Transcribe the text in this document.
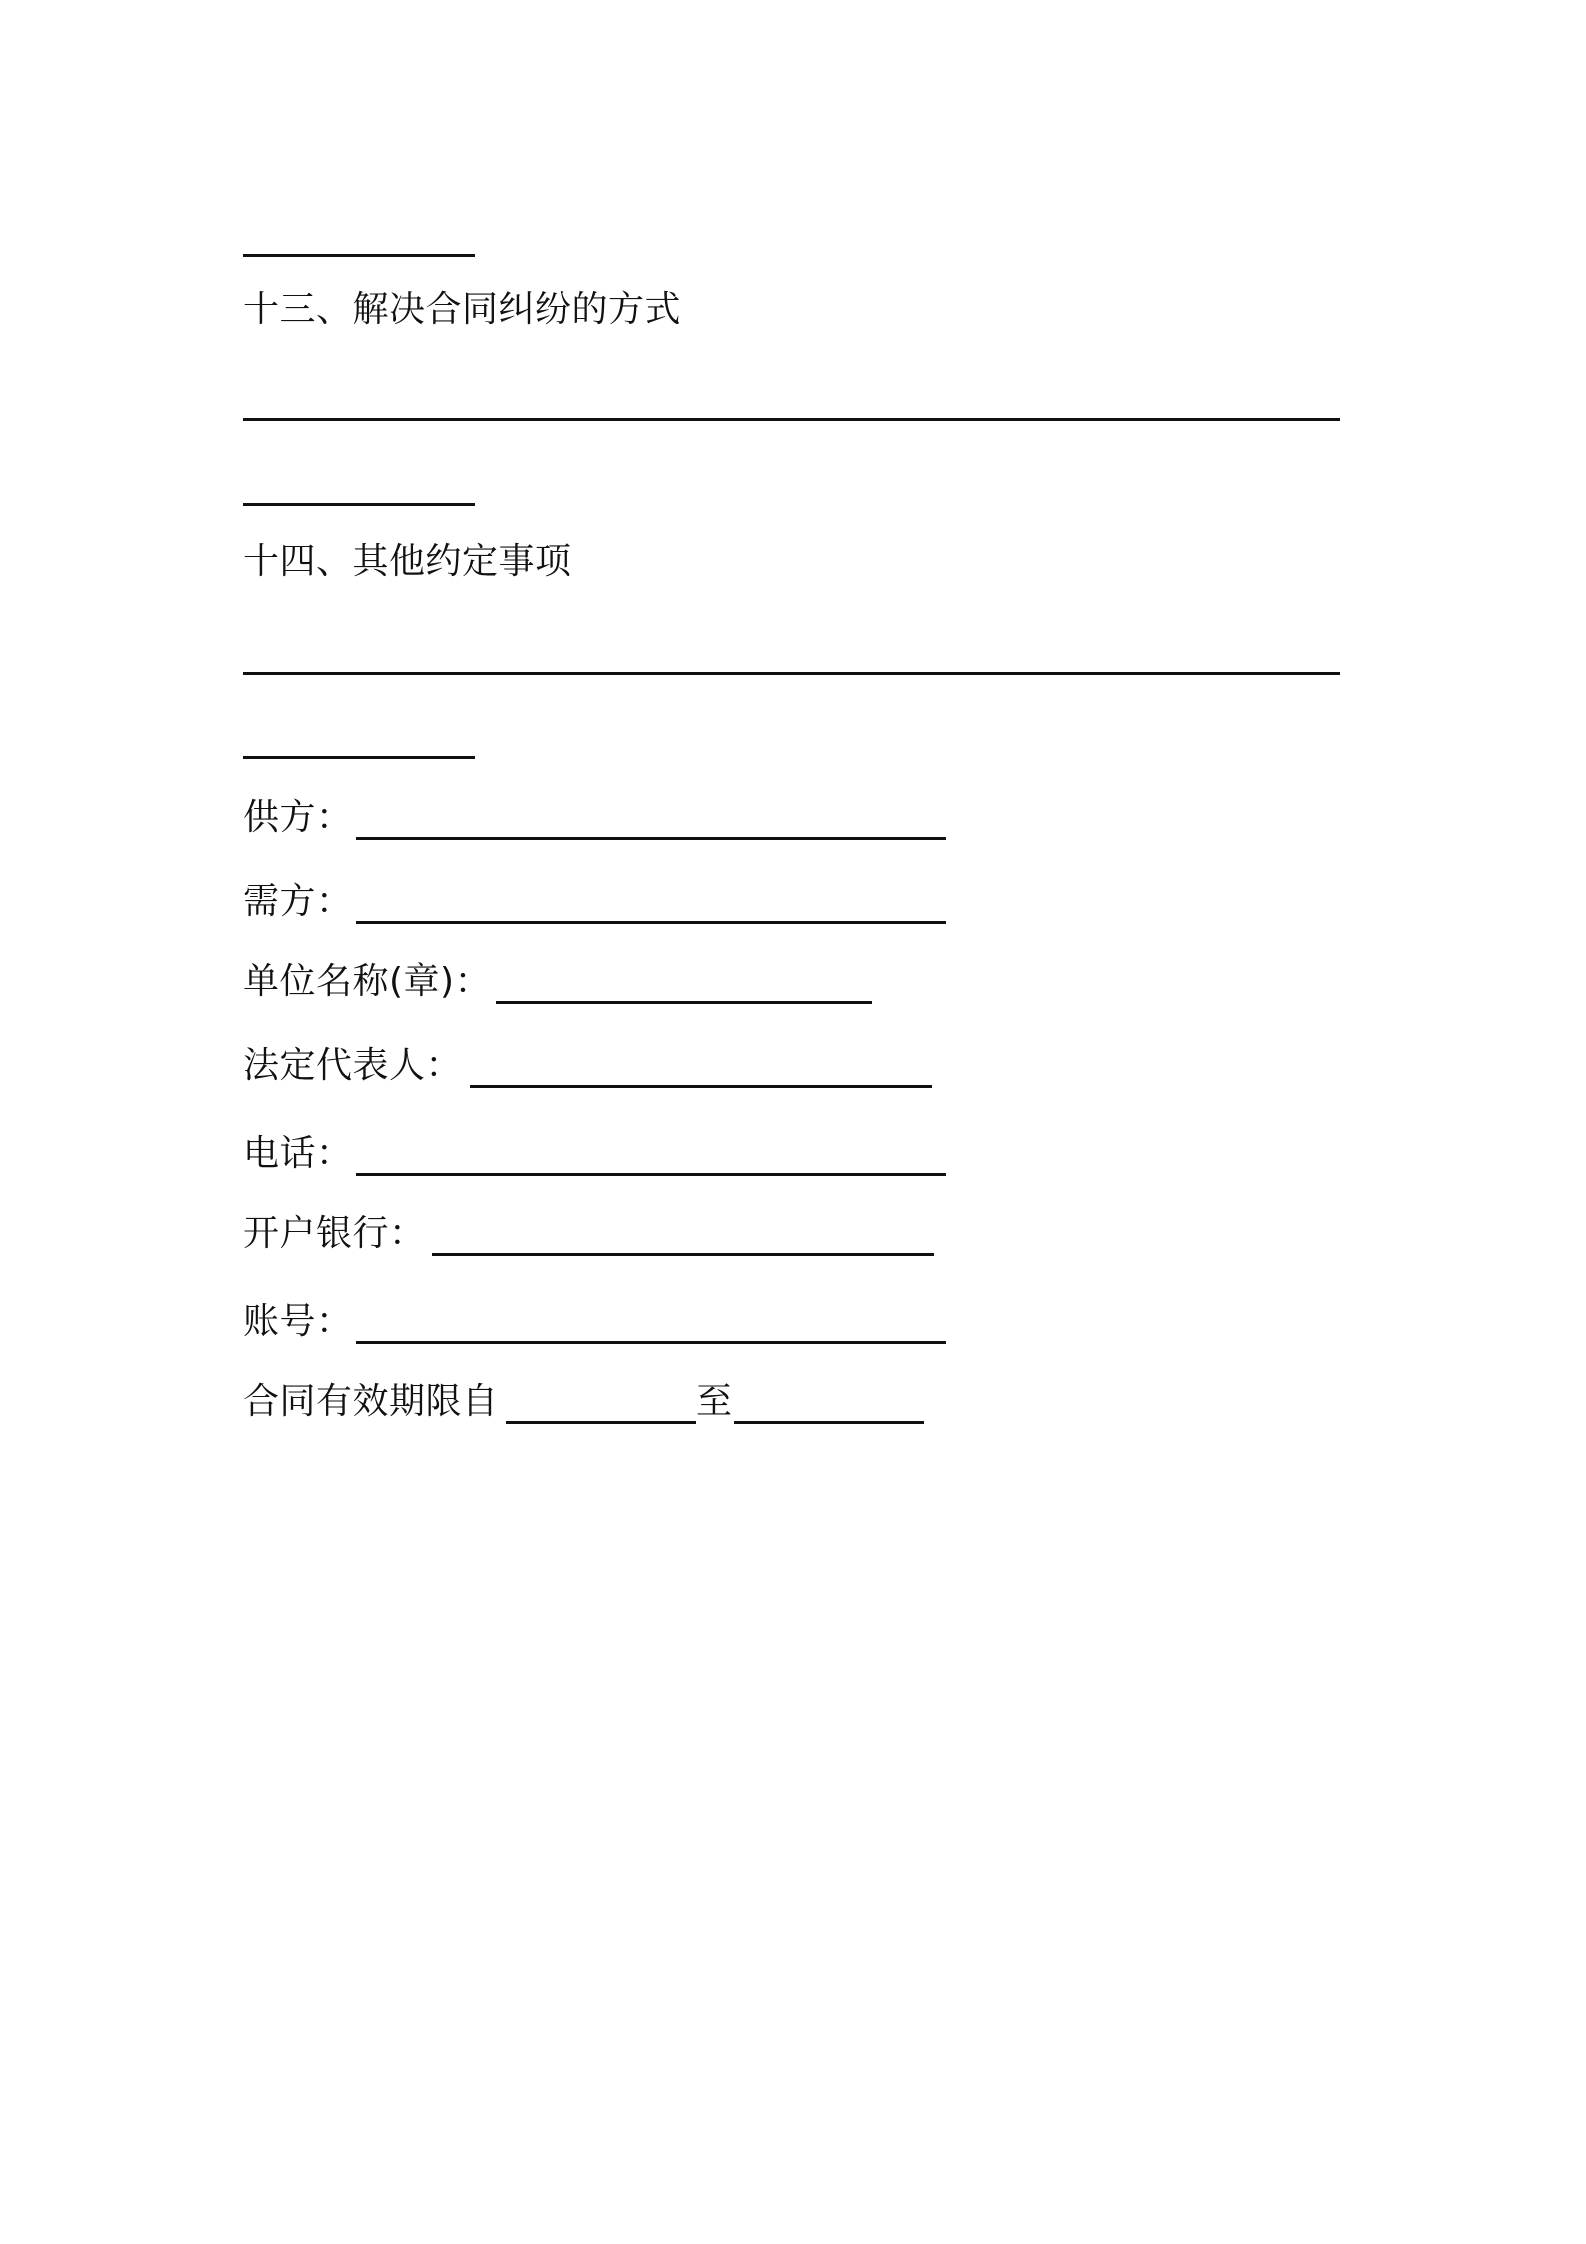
十三、解决合同纠纷的方式
十四、其他约定事项
供方：
需方：
单位名称(章)：
法定代表人：
电话：
开户银行：
账号：
合同有效期限自	至
